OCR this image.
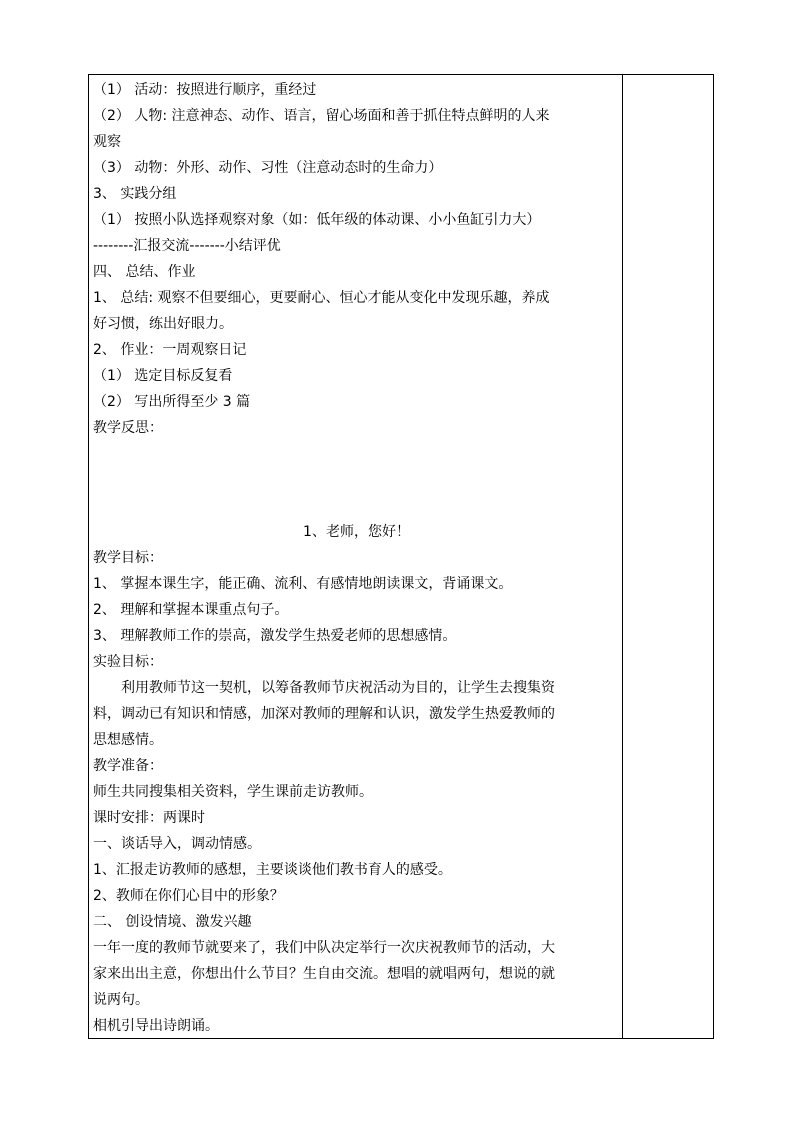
（1） 活动：按照进行顺序，重经过
（2） 人物: 注意神态、动作、语言，留心场面和善于抓住特点鲜明的人来
观察
（3） 动物：外形、动作、习性（注意动态时的生命力）
3、 实践分组
（1） 按照小队选择观察对象（如：低年级的体动课、小小鱼缸引力大）
--------汇报交流-------小结评优
四、 总结、作业
1、 总结: 观察不但要细心，更要耐心、恒心才能从变化中发现乐趣，养成
好习惯，练出好眼力。
2、 作业：一周观察日记
（1） 选定目标反复看
（2） 写出所得至少 3 篇
教学反思：
1、老师，您好！
教学目标：
1、 掌握本课生字，能正确、流利、有感情地朗读课文，背诵课文。
2、 理解和掌握本课重点句子。
3、 理解教师工作的崇高，激发学生热爱老师的思想感情。
实验目标：
利用教师节这一契机，以筹备教师节庆祝活动为目的，让学生去搜集资
料，调动已有知识和情感，加深对教师的理解和认识，激发学生热爱教师的
思想感情。
教学准备：
师生共同搜集相关资料，学生课前走访教师。
课时安排：两课时
一、谈话导入，调动情感。
1、汇报走访教师的感想，主要谈谈他们教书育人的感受。
2、教师在你们心目中的形象？
二、 创设情境、激发兴趣
一年一度的教师节就要来了，我们中队决定举行一次庆祝教师节的活动，大
家来出出主意，你想出什么节目？生自由交流。想唱的就唱两句，想说的就
说两句。
相机引导出诗朗诵。
